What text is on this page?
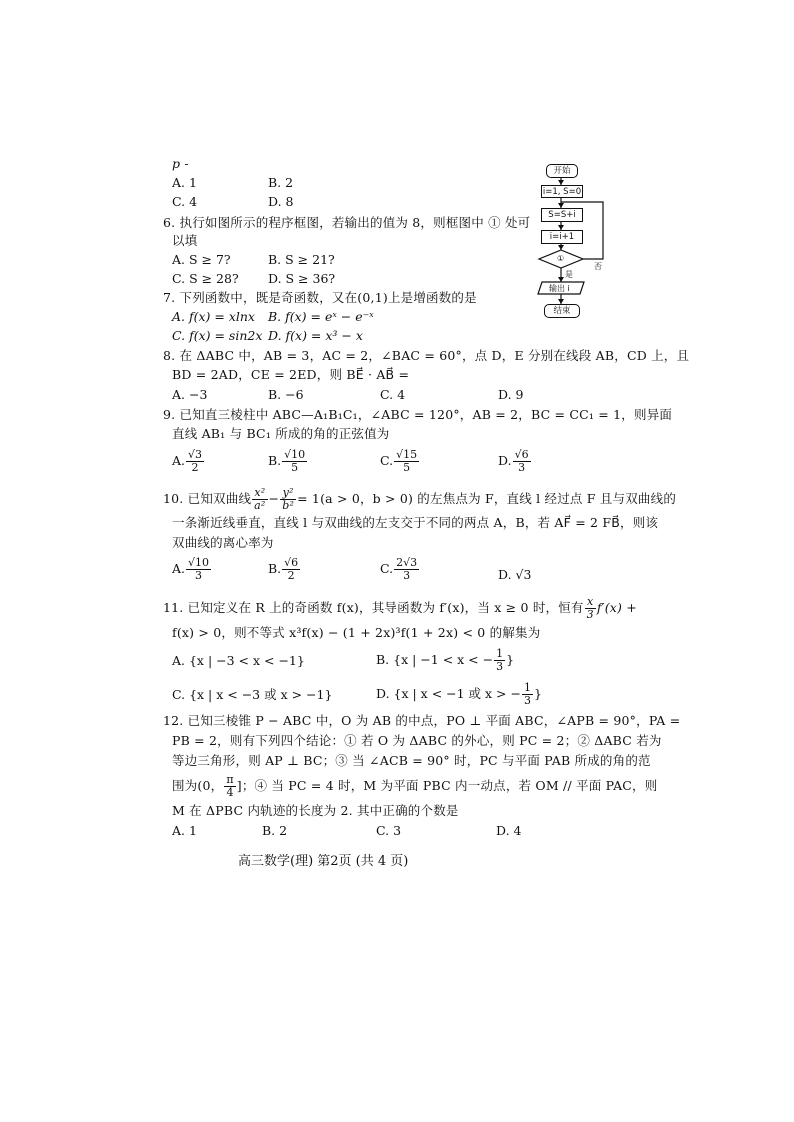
p -
A. 1	B. 2
C. 4	D. 8
6. 执行如图所示的程序框图，若输出的值为 8，则框图中 ① 处可
以填
A. S ≥ 7?	B. S ≥ 21?
C. S ≥ 28? D. S ≥ 36?
开始
i=1, S=0
S=S+i
i=i+1
①
否
是
输出 i
结束
7. 下列函数中，既是奇函数，又在(0,1)上是增函数的是
A. f(x) = xlnx B. f(x) = eˣ − e⁻ˣ
C. f(x) = sin2x D. f(x) = x³ − x
8. 在 ΔABC 中，AB = 3，AC = 2，∠BAC = 60°，点 D，E 分别在线段 AB，CD 上，且
BD = 2AD，CE = 2ED，则 BE⃗ · AB⃗ =
A. −3	B. −6	C. 4	D. 9
9. 已知直三棱柱中 ABC—A₁B₁C₁，∠ABC = 120°，AB = 2，BC = CC₁ = 1，则异面
直线 AB₁ 与 BC₁ 所成的角的正弦值为
A. $\frac{√3}{2}$	B. $\frac{√10}{5}$	C. $\frac{√15}{5}$	D. $\frac{√6}{3}$
10. 已知双曲线 $\frac{\text{x²}}{\text{a²}} - \frac{\text{y²}}{\text{b²}} = 1(a > 0$，b > 0) 的左焦点为 F，直线 l 经过点 F 且与双曲线的
一条渐近线垂直，直线 l 与双曲线的左支交于不同的两点 A，B，若 AF⃗ = 2 FB⃗，则该
双曲线的离心率为
A. $\frac{√10}{3}$	B. $\frac{√6}{2}$	C. $\frac{2√3}{3}$	D. √3
11. 已知定义在 R 上的奇函数 f(x)，其导函数为 f′(x)，当 x ≥ 0 时，恒有 $\frac{x}{3} f'(x)$ +
f(x) > 0，则不等式 x³f(x) − (1 + 2x)³f(1 + 2x) < 0 的解集为
A. {x | −3 < x < −1}	B. {x | −1 < x < − $\frac{1}{3}$ }
C. {x | x < −3 或 x > −1}	D. {x | x < −1 或 x > − $\frac{1}{3}$ }
12. 已知三棱锥 P − ABC 中，O 为 AB 的中点，PO ⊥ 平面 ABC，∠APB = 90°，PA =
PB = 2，则有下列四个结论：① 若 O 为 ΔABC 的外心，则 PC = 2；② ΔABC 若为
等边三角形，则 AP ⊥ BC；③ 当 ∠ACB = 90° 时，PC 与平面 PAB 所成的角的范
围为(0， $\frac{\pi}{4}$ ]；④ 当 PC = 4 时，M 为平面 PBC 内一动点，若 OM // 平面 PAC，则
M 在 ΔPBC 内轨迹的长度为 2. 其中正确的个数是
A. 1	B. 2	C. 3	D. 4
高三数学(理) 第2页 (共 4 页)
